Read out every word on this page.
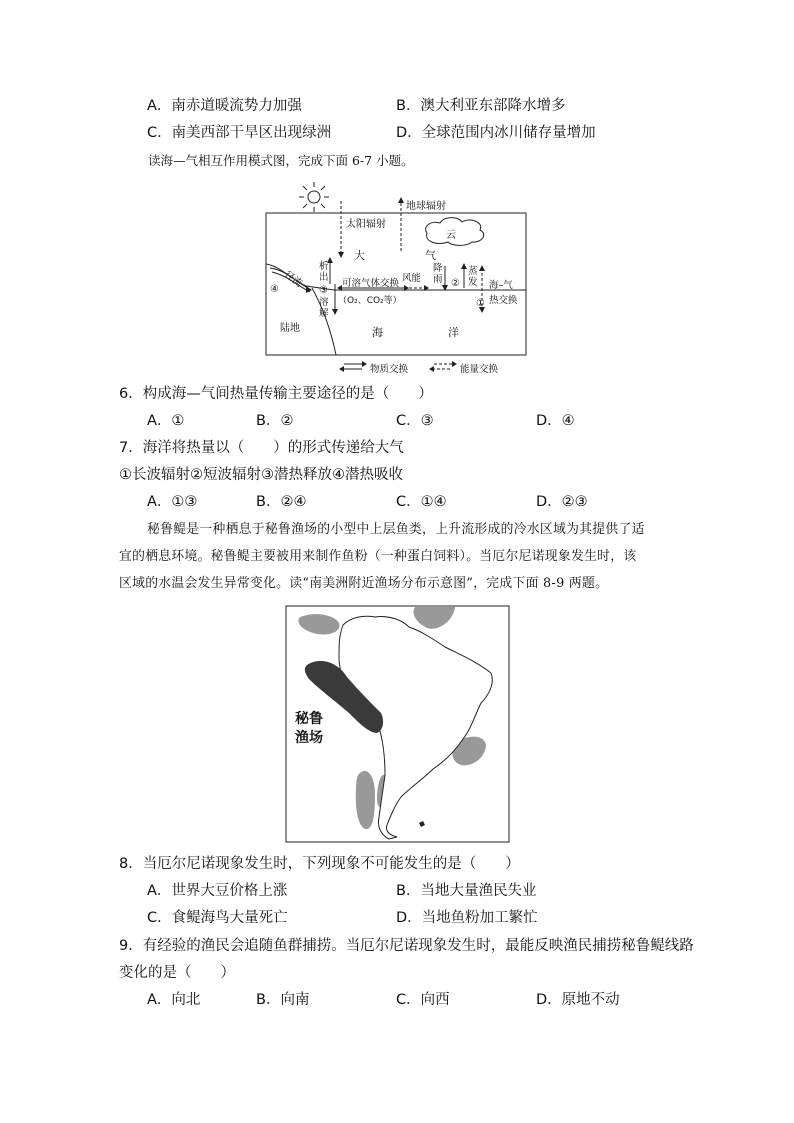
A．南赤道暖流势力加强	B．澳大利亚东部降水增多
C．南美西部干旱区出现绿洲	D．全球范围内冰川储存量增加
读海—气相互作用模式图，完成下面 6-7 小题。
太阳辐射
地球辐射
云
大	气
径流
④
析
出
③
溶
解
可溶气体交换
（O₂、CO₂等）
风能
降
雨 ②
蒸
发
①
海–气
热交换
陆地	海	洋
物质交换	能量交换
6．构成海—气间热量传输主要途径的是（　　）
A．①	B．②	C．③	D．④
7．海洋将热量以（　　）的形式传递给大气
①长波辐射②短波辐射③潜热释放④潜热吸收
A．①③	B．②④	C．①④	D．②③
秘鲁鳀是一种栖息于秘鲁渔场的小型中上层鱼类，上升流形成的冷水区域为其提供了适
宜的栖息环境。秘鲁鳀主要被用来制作鱼粉（一种蛋白饲料）。当厄尔尼诺现象发生时，该
区域的水温会发生异常变化。读“南美洲附近渔场分布示意图”，完成下面 8-9 两题。
秘鲁
渔场
8．当厄尔尼诺现象发生时，下列现象不可能发生的是（　　）
A．世界大豆价格上涨	B．当地大量渔民失业
C．食鳀海鸟大量死亡	D．当地鱼粉加工繁忙
9．有经验的渔民会追随鱼群捕捞。当厄尔尼诺现象发生时，最能反映渔民捕捞秘鲁鳀线路
变化的是（　　）
A．向北	B．向南	C．向西	D．原地不动
